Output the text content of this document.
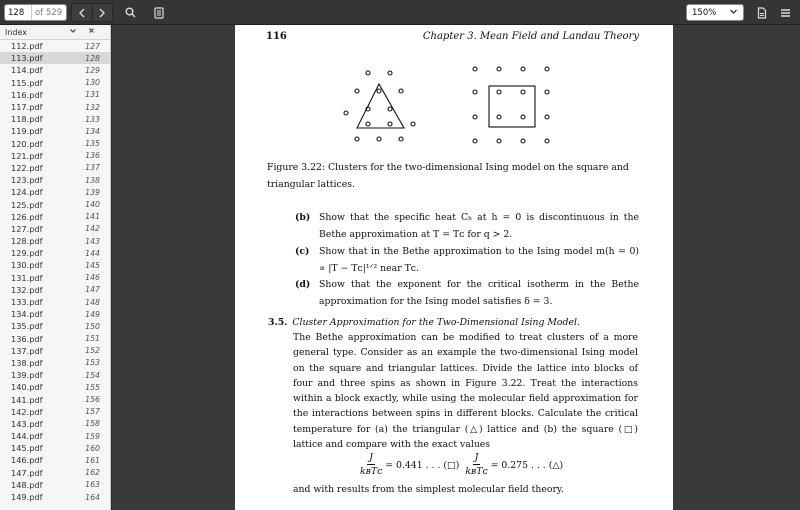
128	of 529	150%
Index
112.pdf	127
113.pdf	128
114.pdf	129
115.pdf	130
116.pdf	131
117.pdf	132
118.pdf	133
119.pdf	134
120.pdf	135
121.pdf	136
122.pdf	137
123.pdf	138
124.pdf	139
125.pdf	140
126.pdf	141
127.pdf	142
128.pdf	143
129.pdf	144
130.pdf	145
131.pdf	146
132.pdf	147
133.pdf	148
134.pdf	149
135.pdf	150
136.pdf	151
137.pdf	152
138.pdf	153
139.pdf	154
140.pdf	155
141.pdf	156
142.pdf	157
143.pdf	158
144.pdf	159
145.pdf	160
146.pdf	161
147.pdf	162
148.pdf	163
149.pdf	164
116	Chapter 3. Mean Field and Landau Theory
Figure 3.22: Clusters for the two-dimensional Ising model on the square and triangular lattices.
(b) Show that the specific heat Cₕ at h = 0 is discontinuous in the Bethe approximation at T = Tᴄ for q > 2.
(c)	Show that in the Bethe approximation to the Ising model m(h = 0) ∝ |T − Tᴄ|¹ᐟ² near Tᴄ.
(d) Show that the exponent for the critical isotherm in the Bethe approximation for the Ising model satisfies δ = 3.
3.5. Cluster Approximation for the Two-Dimensional Ising Model.
The Bethe approximation can be modified to treat clusters of a more general type. Consider as an example the two-dimensional Ising model on the square and triangular lattices. Divide the lattice into blocks of four and three spins as shown in Figure 3.22. Treat the interactions within a block exactly, while using the molecular field approximation for the interactions between spins in different blocks. Calculate the critical temperature for (a) the triangular (△) lattice and (b) the square (□) lattice and compare with the exact values
$\frac{J}{\text{kʙTᴄ}} = 0.441$ . . . (□) $\frac{J}{\text{kʙTᴄ}} = 0.275$ . . . (△)
and with results from the simplest molecular field theory.
